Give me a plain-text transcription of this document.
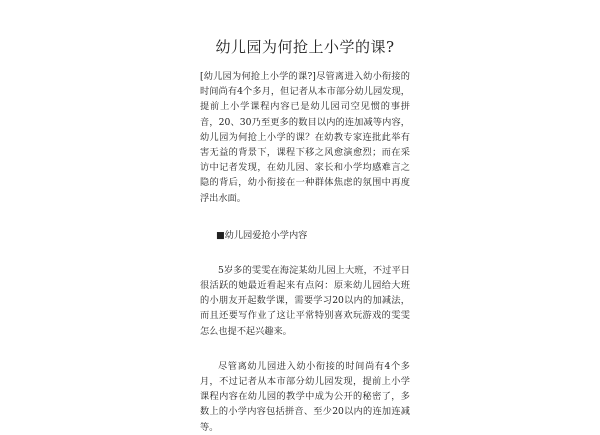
幼儿园为何抢上小学的课?

[幼儿园为何抢上小学的课?]尽管离进入幼小衔接的时间尚有4个多月，但记者从本市部分幼儿园发现，提前上小学课程内容已是幼儿园司空见惯的事拼音，20、30乃至更多的数目以内的连加减等内容，幼儿园为何抢上小学的课？在幼教专家连批此举有害无益的背景下，课程下移之风愈演愈烈；而在采访中记者发现，在幼儿园、家长和小学均感难言之隐的背后，幼小衔接在一种群体焦虑的氛围中再度浮出水面。

■幼儿园爱抢小学内容

5岁多的雯雯在海淀某幼儿园上大班，不过平日很活跃的她最近看起来有点闷：原来幼儿园给大班的小朋友开起数学课，需要学习20以内的加减法，而且还要写作业了这让平常特别喜欢玩游戏的雯雯怎么也提不起兴趣来。

尽管离幼儿园进入幼小衔接的时间尚有4个多月，不过记者从本市部分幼儿园发现，提前上小学课程内容在幼儿园的教学中成为公开的秘密了，多数上的小学内容包括拼音、至少20以内的连加连减等。
